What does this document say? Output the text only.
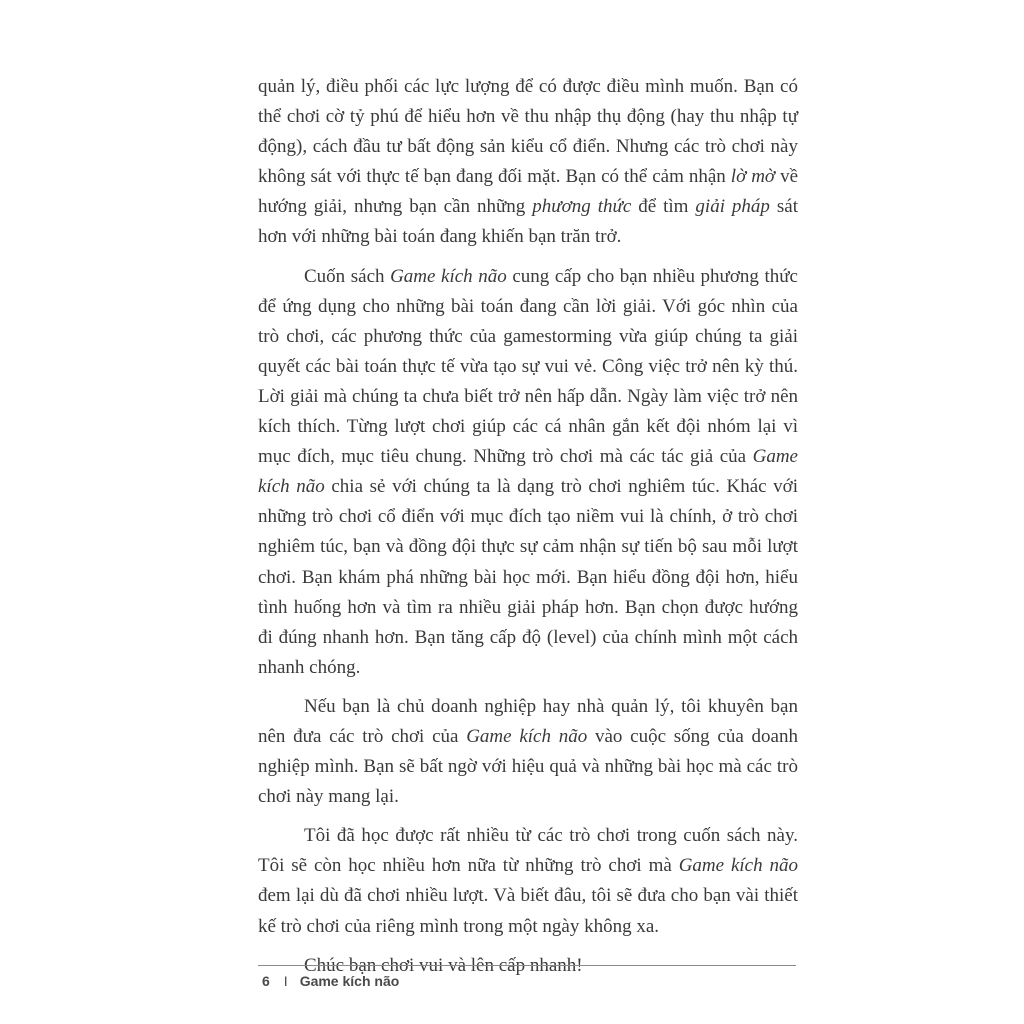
quản lý, điều phối các lực lượng để có được điều mình muốn. Bạn có thể chơi cờ tỷ phú để hiểu hơn về thu nhập thụ động (hay thu nhập tự động), cách đầu tư bất động sản kiểu cổ điển. Nhưng các trò chơi này không sát với thực tế bạn đang đối mặt. Bạn có thể cảm nhận lờ mờ về hướng giải, nhưng bạn cần những phương thức để tìm giải pháp sát hơn với những bài toán đang khiến bạn trăn trở.

Cuốn sách Game kích não cung cấp cho bạn nhiều phương thức để ứng dụng cho những bài toán đang cần lời giải. Với góc nhìn của trò chơi, các phương thức của gamestorming vừa giúp chúng ta giải quyết các bài toán thực tế vừa tạo sự vui vẻ. Công việc trở nên kỳ thú. Lời giải mà chúng ta chưa biết trở nên hấp dẫn. Ngày làm việc trở nên kích thích. Từng lượt chơi giúp các cá nhân gắn kết đội nhóm lại vì mục đích, mục tiêu chung. Những trò chơi mà các tác giả của Game kích não chia sẻ với chúng ta là dạng trò chơi nghiêm túc. Khác với những trò chơi cổ điển với mục đích tạo niềm vui là chính, ở trò chơi nghiêm túc, bạn và đồng đội thực sự cảm nhận sự tiến bộ sau mỗi lượt chơi. Bạn khám phá những bài học mới. Bạn hiểu đồng đội hơn, hiểu tình huống hơn và tìm ra nhiều giải pháp hơn. Bạn chọn được hướng đi đúng nhanh hơn. Bạn tăng cấp độ (level) của chính mình một cách nhanh chóng.

Nếu bạn là chủ doanh nghiệp hay nhà quản lý, tôi khuyên bạn nên đưa các trò chơi của Game kích não vào cuộc sống của doanh nghiệp mình. Bạn sẽ bất ngờ với hiệu quả và những bài học mà các trò chơi này mang lại.

Tôi đã học được rất nhiều từ các trò chơi trong cuốn sách này. Tôi sẽ còn học nhiều hơn nữa từ những trò chơi mà Game kích não đem lại dù đã chơi nhiều lượt. Và biết đâu, tôi sẽ đưa cho bạn vài thiết kế trò chơi của riêng mình trong một ngày không xa.

Chúc bạn chơi vui và lên cấp nhanh!

6 I Game kích não
